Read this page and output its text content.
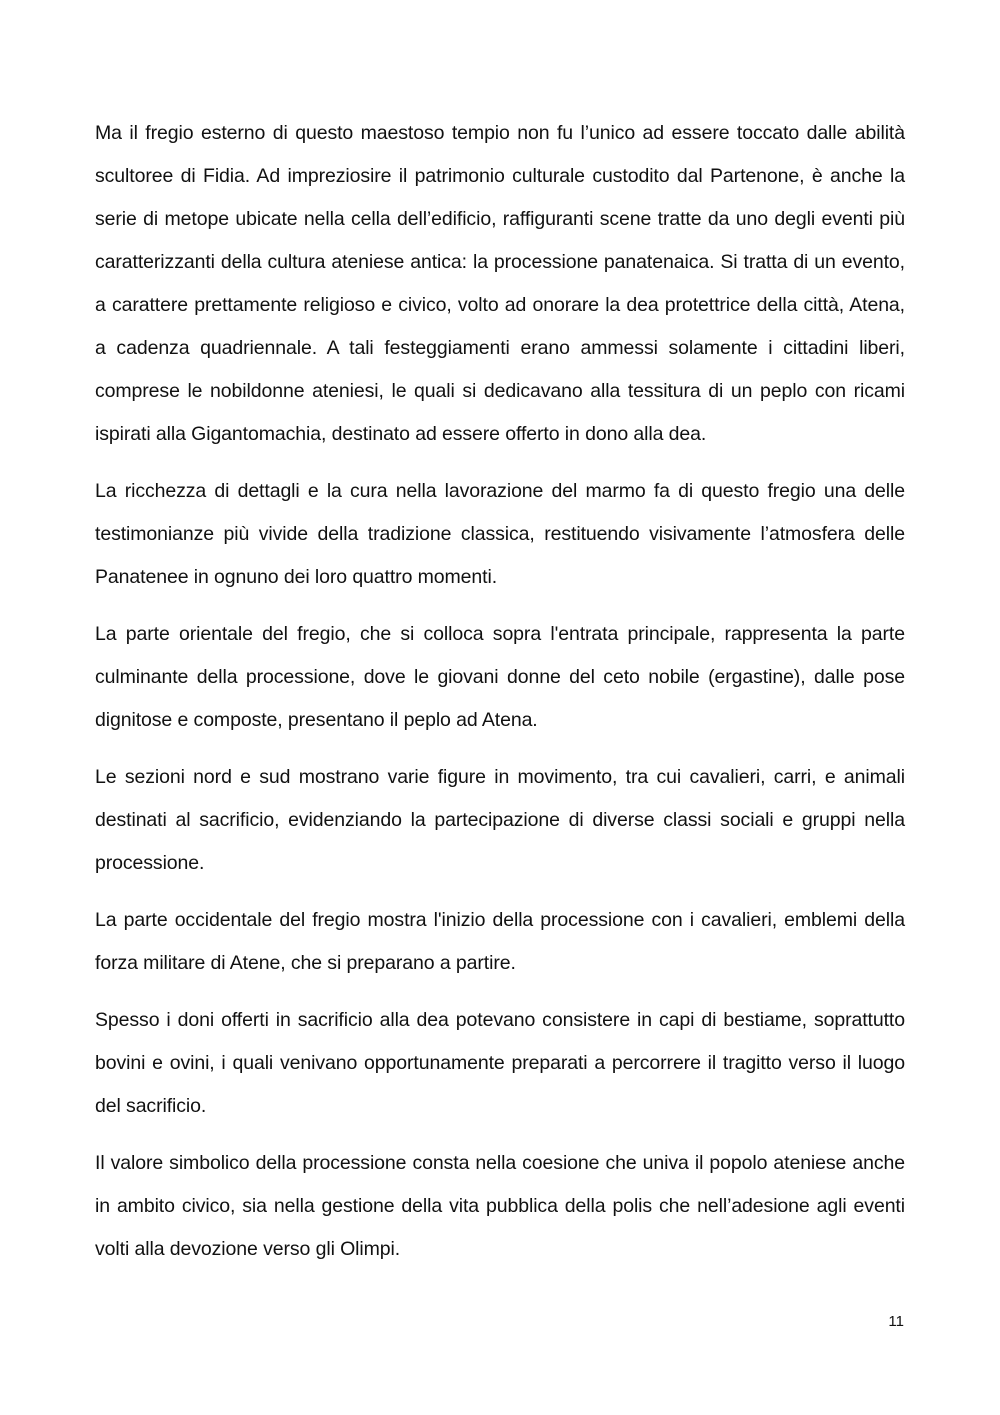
Ma il fregio esterno di questo maestoso tempio non fu l’unico ad essere toccato dalle abilità scultoree di Fidia. Ad impreziosire il patrimonio culturale custodito dal Partenone, è anche la serie di metope ubicate nella cella dell’edificio, raffiguranti scene tratte da uno degli eventi più caratterizzanti della cultura ateniese antica: la processione panatenaica. Si tratta di un evento, a carattere prettamente religioso e civico, volto ad onorare la dea protettrice della città, Atena, a cadenza quadriennale. A tali festeggiamenti erano ammessi solamente i cittadini liberi, comprese le nobildonne ateniesi, le quali si dedicavano alla tessitura di un peplo con ricami ispirati alla Gigantomachia, destinato ad essere offerto in dono alla dea.

La ricchezza di dettagli e la cura nella lavorazione del marmo fa di questo fregio una delle testimonianze più vivide della tradizione classica, restituendo visivamente l’atmosfera delle Panatenee in ognuno dei loro quattro momenti.

La parte orientale del fregio, che si colloca sopra l'entrata principale, rappresenta la parte culminante della processione, dove le giovani donne del ceto nobile (ergastine), dalle pose dignitose e composte, presentano il peplo ad Atena.

Le sezioni nord e sud mostrano varie figure in movimento, tra cui cavalieri, carri, e animali destinati al sacrificio, evidenziando la partecipazione di diverse classi sociali e gruppi nella processione.

La parte occidentale del fregio mostra l'inizio della processione con i cavalieri, emblemi della forza militare di Atene, che si preparano a partire.

Spesso i doni offerti in sacrificio alla dea potevano consistere in capi di bestiame, soprattutto bovini e ovini, i quali venivano opportunamente preparati a percorrere il tragitto verso il luogo del sacrificio.

Il valore simbolico della processione consta nella coesione che univa il popolo ateniese anche in ambito civico, sia nella gestione della vita pubblica della polis che nell’adesione agli eventi volti alla devozione verso gli Olimpi.

11
